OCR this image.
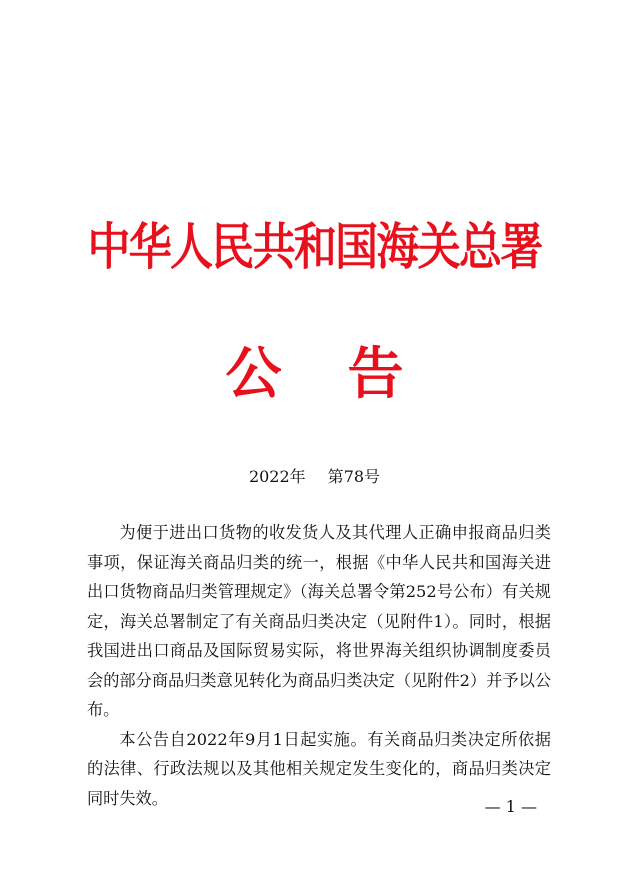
中华人民共和国海关总署
公告
2022年 第78号

为便于进出口货物的收发货人及其代理人正确申报商品归类事项，保证海关商品归类的统一，根据《中华人民共和国海关进出口货物商品归类管理规定》（海关总署令第252号公布）有关规定，海关总署制定了有关商品归类决定（见附件1）。同时，根据我国进出口商品及国际贸易实际，将世界海关组织协调制度委员会的部分商品归类意见转化为商品归类决定（见附件2）并予以公布。

本公告自2022年9月1日起实施。有关商品归类决定所依据的法律、行政法规以及其他相关规定发生变化的，商品归类决定同时失效。	— 1 —
